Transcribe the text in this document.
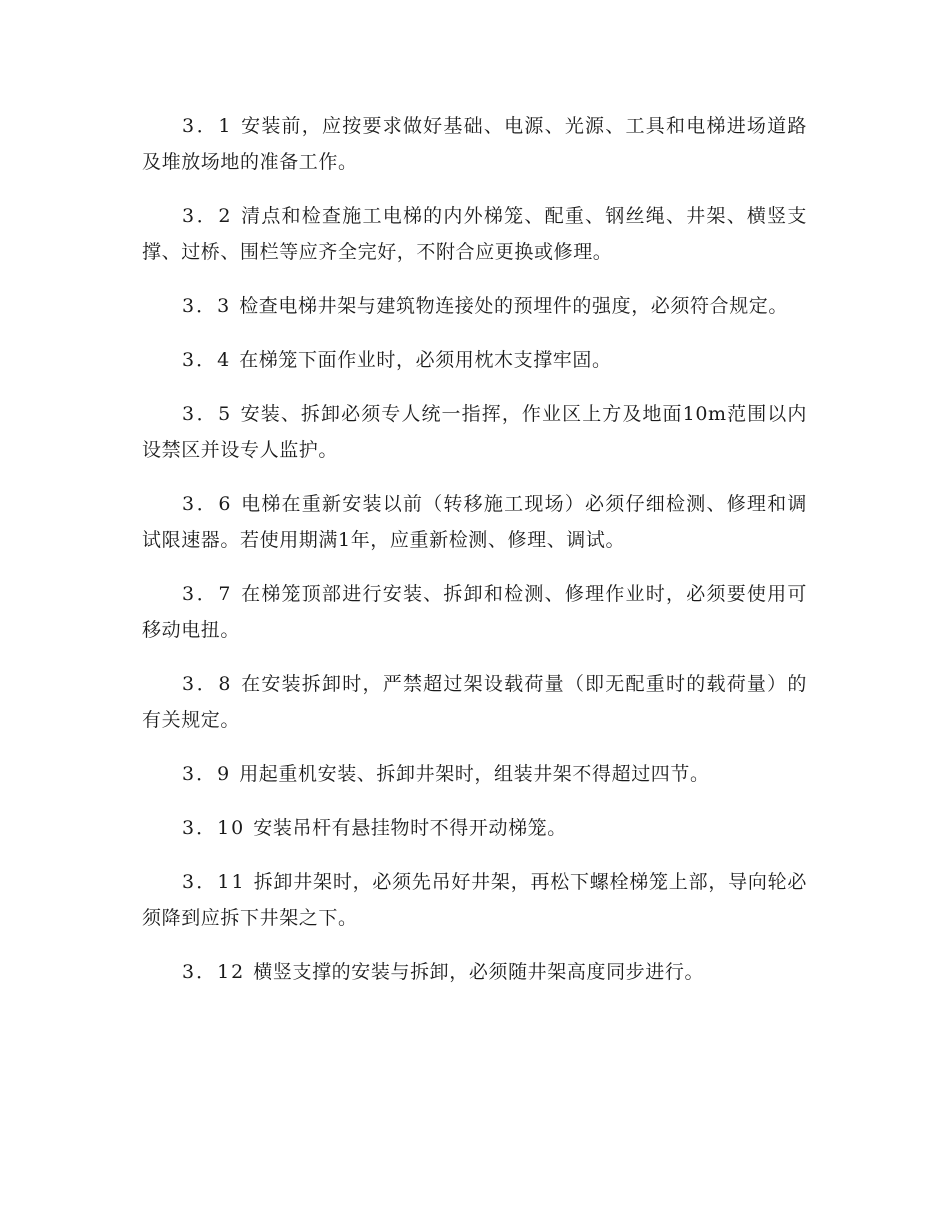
3．1 安装前，应按要求做好基础、电源、光源、工具和电梯进场道路及堆放场地的准备工作。

3．2 清点和检查施工电梯的内外梯笼、配重、钢丝绳、井架、横竖支撑、过桥、围栏等应齐全完好，不附合应更换或修理。

3．3 检查电梯井架与建筑物连接处的预埋件的强度，必须符合规定。

3．4 在梯笼下面作业时，必须用枕木支撑牢固。

3．5 安装、拆卸必须专人统一指挥，作业区上方及地面10m范围以内设禁区并设专人监护。

3．6 电梯在重新安装以前（转移施工现场）必须仔细检测、修理和调试限速器。若使用期满1年，应重新检测、修理、调试。

3．7 在梯笼顶部进行安装、拆卸和检测、修理作业时，必须要使用可移动电扭。

3．8 在安装拆卸时，严禁超过架设载荷量（即无配重时的载荷量）的有关规定。

3．9 用起重机安装、拆卸井架时，组装井架不得超过四节。

3．10 安装吊杆有悬挂物时不得开动梯笼。

3．11 拆卸井架时，必须先吊好井架，再松下螺栓梯笼上部，导向轮必须降到应拆下井架之下。

3．12 横竖支撑的安装与拆卸，必须随井架高度同步进行。
